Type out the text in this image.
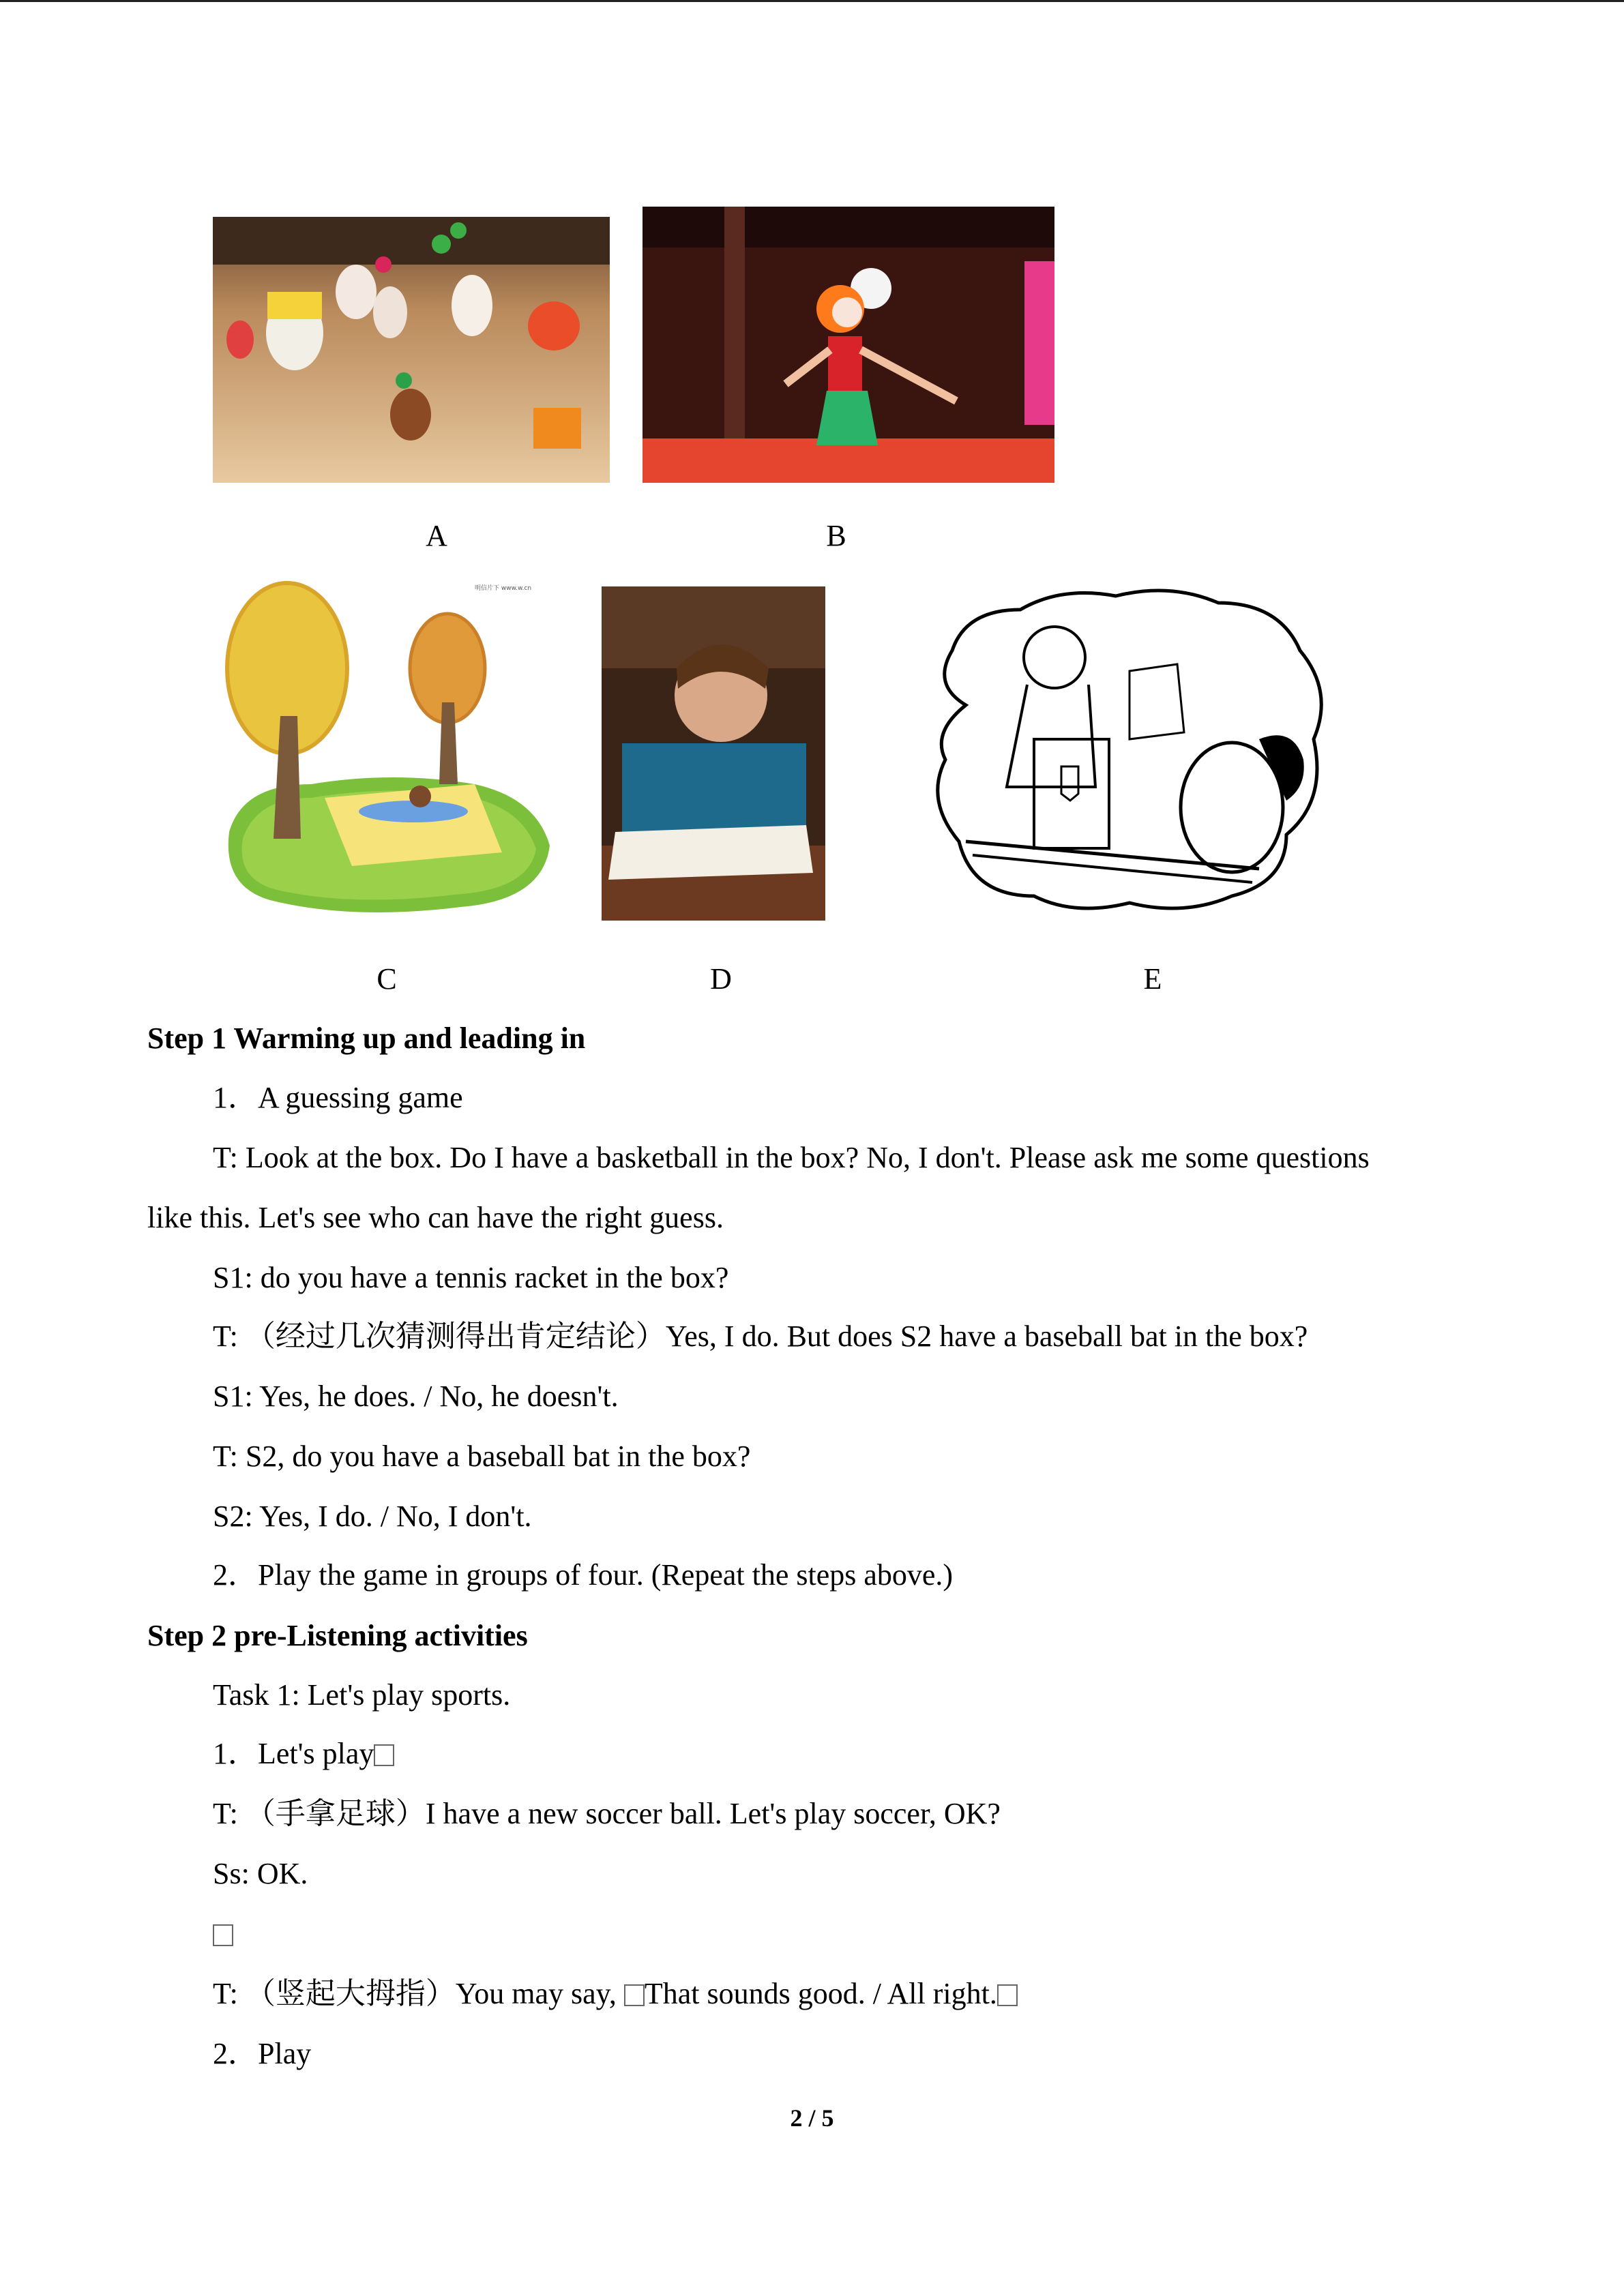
A	B
明信片下 www.w.cn
C	D	E
Step 1 Warming up and leading in
1．A guessing game
T: Look at the box. Do I have a basketball in the box? No, I don't. Please ask me some questions
like this. Let's see who can have the right guess.
S1: do you have a tennis racket in the box?
T: （经过几次猜测得出肯定结论）Yes, I do. But does S2 have a baseball bat in the box?
S1: Yes, he does. / No, he doesn't.
T: S2, do you have a baseball bat in the box?
S2: Yes, I do. / No, I don't.
2．Play the game in groups of four. (Repeat the steps above.)
Step 2 pre-Listening activities
Task 1: Let's play sports.
1．Let's play
T: （手拿足球）I have a new soccer ball. Let's play soccer, OK?
Ss: OK.
T: （竖起大拇指）You may say, That sounds good. / All right.
2．Play
2 / 5
